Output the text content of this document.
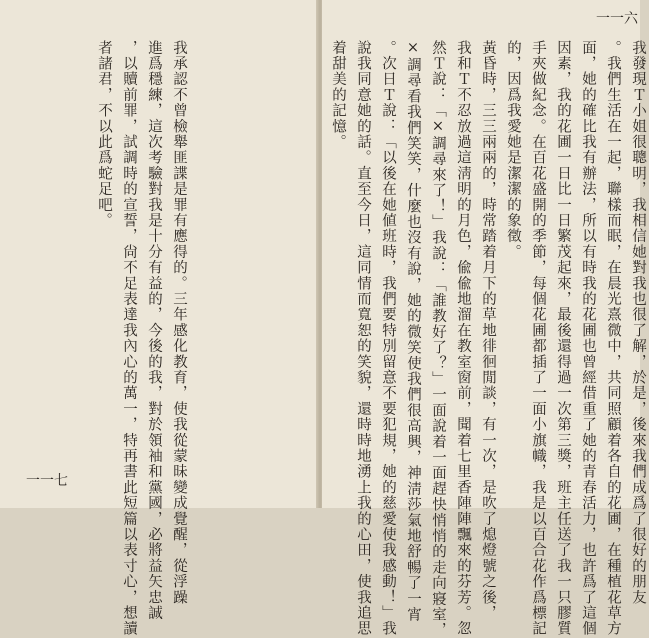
我承認不曾檢舉匪諜是罪有應得的。三年感化教育，使我從蒙昧變成覺醒，從浮躁
進爲穩練，這次考驗對我是十分有益的，今後的我，對於領袖和黨國，必將益矢忠誠
，以贖前罪，試調時的宣誓，尙不足表達我內心的萬一，特再書此短篇以表寸心，想讀
者諸君，不以此爲蛇足吧。
一一七	我發現Ｔ小姐很聰明，我相信她對我也很了解，於是，後來我們成爲了很好的朋友
。我們生活在一起，聯樣而眠，在晨光熹微中，共同照顧着各自的花圃，在種植花草方
面，她的確比我有辦法，所以有時我的花圃也曾經借重了她的青春活力，也許爲了這個
因素，我的花圃一日比一日繁茂起來，最後還得過一次第三獎，班主任送了我一只膠質
手夾做紀念。在百花盛開的季節，每個花圃都插了一面小旗幟，我是以百合花作爲標記
的，因爲我愛她是潔潔的象徵。
黃昏時，三三兩兩的，時常踏着月下的草地徘徊閒談，有一次，是吹了熄燈號之後，
我和Ｔ不忍放過這淸明的月色，偸偸地溜在教室窗前，聞着七里香陣陣飄來的芬芳。忽
然Ｔ說：「×調尋來了！」我說：「誰教好了？」一面說着一面趕快悄悄的走向寢室，
×調尋看我們笑笑，什麼也沒有說，她的微笑使我們很高興，神淸莎氣地舒暢了一宵
。次日Ｔ說：「以後在她値班時，我們要特別留意不要犯規，她的慈愛使我感動！」我
說我同意她的話。直至今日，這同情而寬恕的笑貌，還時時地湧上我的心田，使我追思
着甜美的記憶。
一一六
